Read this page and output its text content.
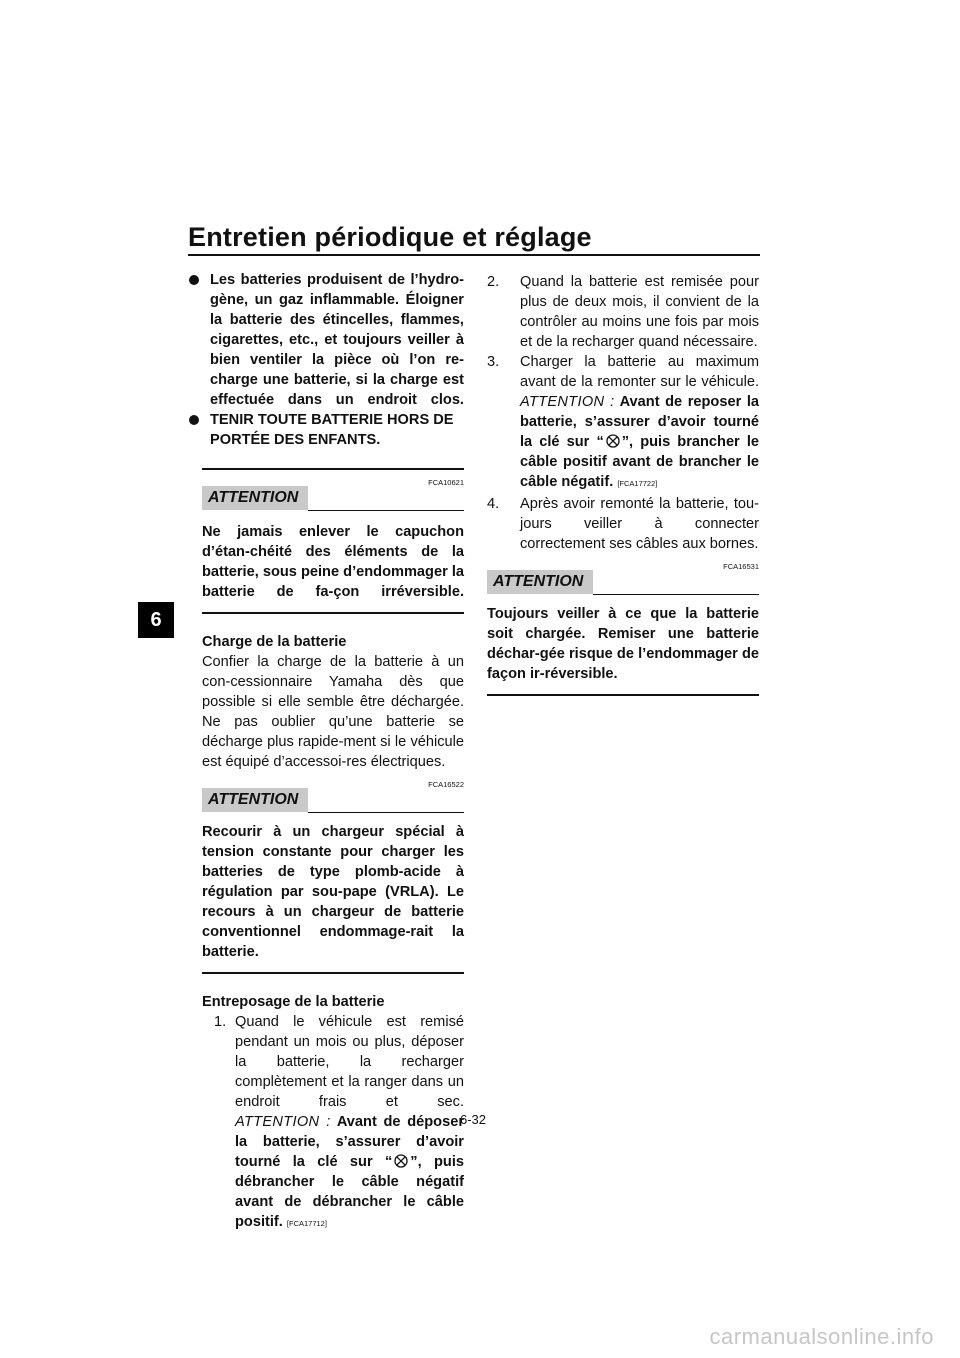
Entretien périodique et réglage
6
Les batteries produisent de l’hydro-gène, un gaz inflammable. Éloigner la batterie des étincelles, flammes, cigarettes, etc., et toujours veiller à bien ventiler la pièce où l’on re-charge une batterie, si la charge est effectuée dans un endroit clos.
TENIR TOUTE BATTERIE HORS DE PORTÉE DES ENFANTS.
FCA10621
ATTENTION

Ne jamais enlever le capuchon d’étan-chéité des éléments de la batterie, sous peine d’endommager la batterie de fa-çon irréversible.

Charge de la batterie

Confier la charge de la batterie à un con-cessionnaire Yamaha dès que possible si elle semble être déchargée. Ne pas oublier qu’une batterie se décharge plus rapide-ment si le véhicule est équipé d’accessoi-res électriques.

FCA16522
ATTENTION

Recourir à un chargeur spécial à tension constante pour charger les batteries de type plomb-acide à régulation par sou-pape (VRLA). Le recours à un chargeur de batterie conventionnel endommage-rait la batterie.

Entreposage de la batterie

1. Quand le véhicule est remisé pendant un mois ou plus, déposer la batterie, la recharger complètement et la ranger dans un endroit frais et sec.

ATTENTION : Avant de déposer la batterie, s’assurer d’avoir tourné la clé sur “ ”, puis débrancher le câble négatif avant de débrancher le câble positif. [FCA17712]

2. Quand la batterie est remisée pour plus de deux mois, il convient de la contrôler au moins une fois par mois et de la recharger quand nécessaire.

3. Charger la batterie au maximum avant de la remonter sur le véhicule.

ATTENTION : Avant de reposer la batterie, s’assurer d’avoir tourné la clé sur “ ”, puis brancher le câble positif avant de brancher le câble négatif. [FCA17722]

4. Après avoir remonté la batterie, tou-jours veiller à connecter correctement ses câbles aux bornes.

FCA16531
ATTENTION

Toujours veiller à ce que la batterie soit chargée. Remiser une batterie déchar-gée risque de l’endommager de façon ir-réversible.

6-32
carmanualsonline.info
